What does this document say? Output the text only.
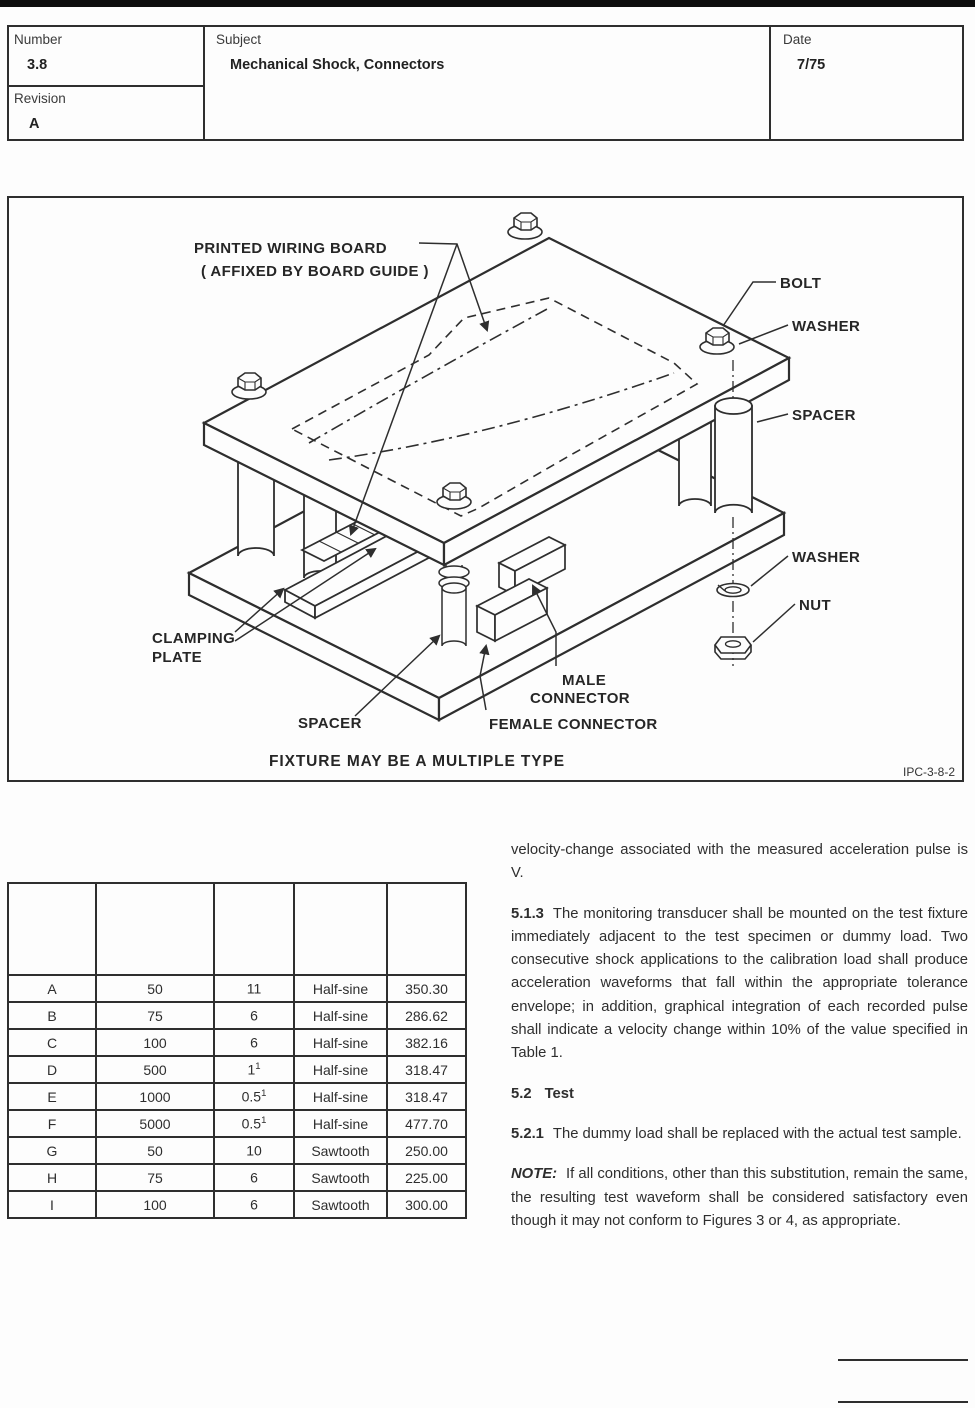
Number
3.8
Revision
A
Subject
Mechanical Shock, Connectors
Date
7/75
PRINTED WIRING BOARD
( AFFIXED BY BOARD GUIDE )
BOLT
WASHER
SPACER
WASHER
NUT
CLAMPING
PLATE
SPACER
MALE
CONNECTOR
FEMALE CONNECTOR
FIXTURE MAY BE A MULTIPLE TYPE
IPC-3-8-2

A	50	11	Half-sine	350.30
B	75	6	Half-sine	286.62
C	100	6	Half-sine	382.16
D	500	$1^1$	Half-sine	318.47
E	1000	$0.5^1$	Half-sine	318.47
F	5000	$0.5^1$	Half-sine	477.70
G	50	10	Sawtooth	250.00
H	75	6	Sawtooth	225.00
I	100	6	Sawtooth	300.00

velocity-change associated with the measured acceleration pulse is V.

5.1.3 The monitoring transducer shall be mounted on the test fixture immediately adjacent to the test specimen or dummy load. Two consecutive shock applications to the calibration load shall produce acceleration waveforms that fall within the appropriate tolerance envelope; in addition, graphical integration of each recorded pulse shall indicate a velocity change within 10% of the value specified in Table 1.

5.2 Test

5.2.1 The dummy load shall be replaced with the actual test sample.

NOTE: If all conditions, other than this substitution, remain the same, the resulting test waveform shall be considered satisfactory even though it may not conform to Figures 3 or 4, as appropriate.
